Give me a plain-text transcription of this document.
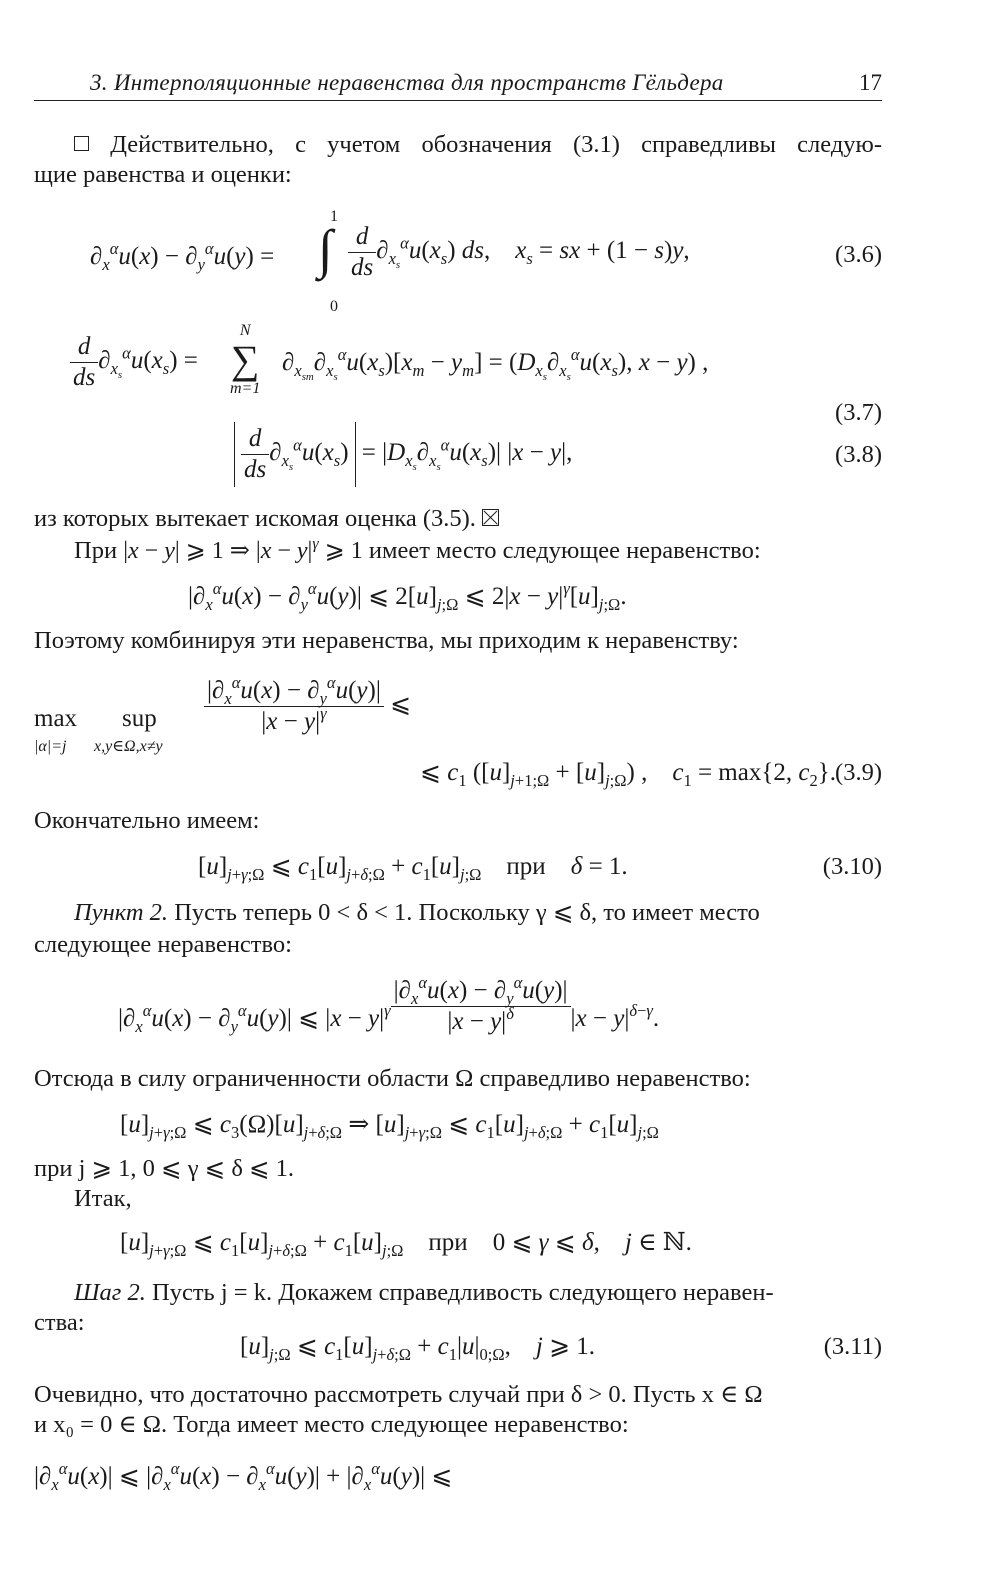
3. Интерполяционные неравенства для пространств Гёльдера	17
Действительно, с учетом обозначения (3.1) справедливы следую-
щие равенства и оценки:
1
0
$\partial_x^\alpha u(x) - \partial_y^\alpha u(y)$ = ∫ $\frac{d}{ds} \partial_{x_s}^\alpha u(x_s)$ ds,    $x_s$ = sx + (1 − s)y,	(3.6)
$\frac{d}{ds} \partial_{x_s}^\alpha u(x_s)$ =
N
∑
m=1
$\partial_{x_{sm}}\partial_{x_s}^\alpha u(x_s)[x_m - y_m] = (D_{x_s}\partial_{x_s}^\alpha u(x_s)$, x − y) ,
(3.7)
$\frac{d}{ds} \partial_{x_s}^\alpha u(x_s) = |D_{x_s}\partial_{x_s}^\alpha u(x_s)|$ |x − y|,	(3.8)
из которых вытекает искомая оценка (3.5).
При |x − y| ⩾ 1 ⇒ $|x - y|^\gamma$ ⩾ 1 имеет место следующее неравенство:
$|\partial_x^\alpha u(x) - \partial_y^\alpha u(y)|$ ⩽ $2[u]_{j;\Omega}$ ⩽ $2|x - y|^\gamma[u]_{j;\Omega}$.
Поэтому комбинируя эти неравенства, мы приходим к неравенству:
max
|α|=j
sup
x,y∈Ω,x≠y
$\frac{|\partial_x^\alpha u(x) - \partial_y^\alpha u(y)|}{|x - y|^\gamma}$ ⩽
⩽ $c_1$ $([u]_{j+1;\Omega} + [u]_{j;\Omega})$ ,    $c_1 = \max\{2$, $c_2$}. (3.9)
Окончательно имеем:
$[u]_{j+\gamma;\Omega}$ ⩽ $c_1[u]_{j+\delta;\Omega} + c_1[u]_{j;\Omega}$ при δ = 1.	(3.10)
Пункт 2. Пусть теперь 0 < δ < 1. Поскольку γ ⩽ δ, то имеет место
следующее неравенство:
$|\partial_x^\alpha u(x) - \partial_y^\alpha u(y)|$ ⩽ $|x - y|^\gamma \frac{|\partial_x^\alpha u(x) - \partial_y^\alpha u(y)|}{|x - y|^\delta} |x - y|^{\delta-\gamma}$.
Отсюда в силу ограниченности области Ω справедливо неравенство:
$[u]_{j+\gamma;\Omega}$ ⩽ $c_3(\Omega)[u]_{j+\delta;\Omega}$ ⇒ $[u]_{j+\gamma;\Omega}$ ⩽ $c_1[u]_{j+\delta;\Omega} + c_1[u]_{j;\Omega}$
при j ⩾ 1, 0 ⩽ γ ⩽ δ ⩽ 1.
Итак,
$[u]_{j+\gamma;\Omega}$ ⩽ $c_1[u]_{j+\delta;\Omega} + c_1[u]_{j;\Omega}$ при    0 ⩽ γ ⩽ δ,    j ∈ ℕ.
Шаг 2. Пусть j = k. Докажем справедливость следующего неравен-
ства:
$[u]_{j;\Omega}$ ⩽ $c_1[u]_{j+\delta;\Omega} + c_1|u|_{0;\Omega}$,    j ⩾ 1.	(3.11)
Очевидно, что достаточно рассмотреть случай при δ > 0. Пусть x ∈ Ω
и x₀ = 0 ∈ Ω. Тогда имеет место следующее неравенство:
$|\partial_x^\alpha u(x)|$ ⩽ $|\partial_x^\alpha u(x) - \partial_x^\alpha u(y)| + |\partial_x^\alpha u(y)|$ ⩽
